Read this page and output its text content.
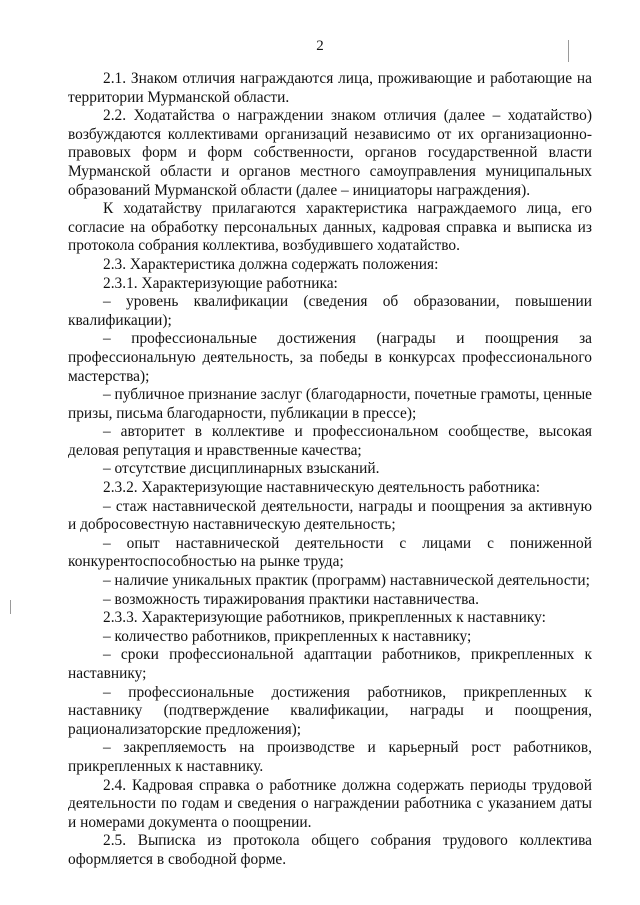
2

2.1. Знаком отличия награждаются лица, проживающие и работающие на территории Мурманской области.

2.2. Ходатайства о награждении знаком отличия (далее – ходатайство) возбуждаются коллективами организаций независимо от их организационно-правовых форм и форм собственности, органов государственной власти Мурманской области и органов местного самоуправления муниципальных образований Мурманской области (далее – инициаторы награждения).

К ходатайству прилагаются характеристика награждаемого лица, его согласие на обработку персональных данных, кадровая справка и выписка из протокола собрания коллектива, возбудившего ходатайство.

2.3. Характеристика должна содержать положения:

2.3.1. Характеризующие работника:

– уровень квалификации (сведения об образовании, повышении квалификации);

– профессиональные достижения (награды и поощрения за профессиональную деятельность, за победы в конкурсах профессионального мастерства);

– публичное признание заслуг (благодарности, почетные грамоты, ценные призы, письма благодарности, публикации в прессе);

– авторитет в коллективе и профессиональном сообществе, высокая деловая репутация и нравственные качества;

– отсутствие дисциплинарных взысканий.

2.3.2. Характеризующие наставническую деятельность работника:

– стаж наставнической деятельности, награды и поощрения за активную и добросовестную наставническую деятельность;

– опыт наставнической деятельности с лицами с пониженной конкурентоспособностью на рынке труда;

– наличие уникальных практик (программ) наставнической деятельности;

– возможность тиражирования практики наставничества.

2.3.3. Характеризующие работников, прикрепленных к наставнику:

– количество работников, прикрепленных к наставнику;

– сроки профессиональной адаптации работников, прикрепленных к наставнику;

– профессиональные достижения работников, прикрепленных к наставнику (подтверждение квалификации, награды и поощрения, рационализаторские предложения);

– закрепляемость на производстве и карьерный рост работников, прикрепленных к наставнику.

2.4. Кадровая справка о работнике должна содержать периоды трудовой деятельности по годам и сведения о награждении работника с указанием даты и номерами документа о поощрении.

2.5. Выписка из протокола общего собрания трудового коллектива оформляется в свободной форме.
